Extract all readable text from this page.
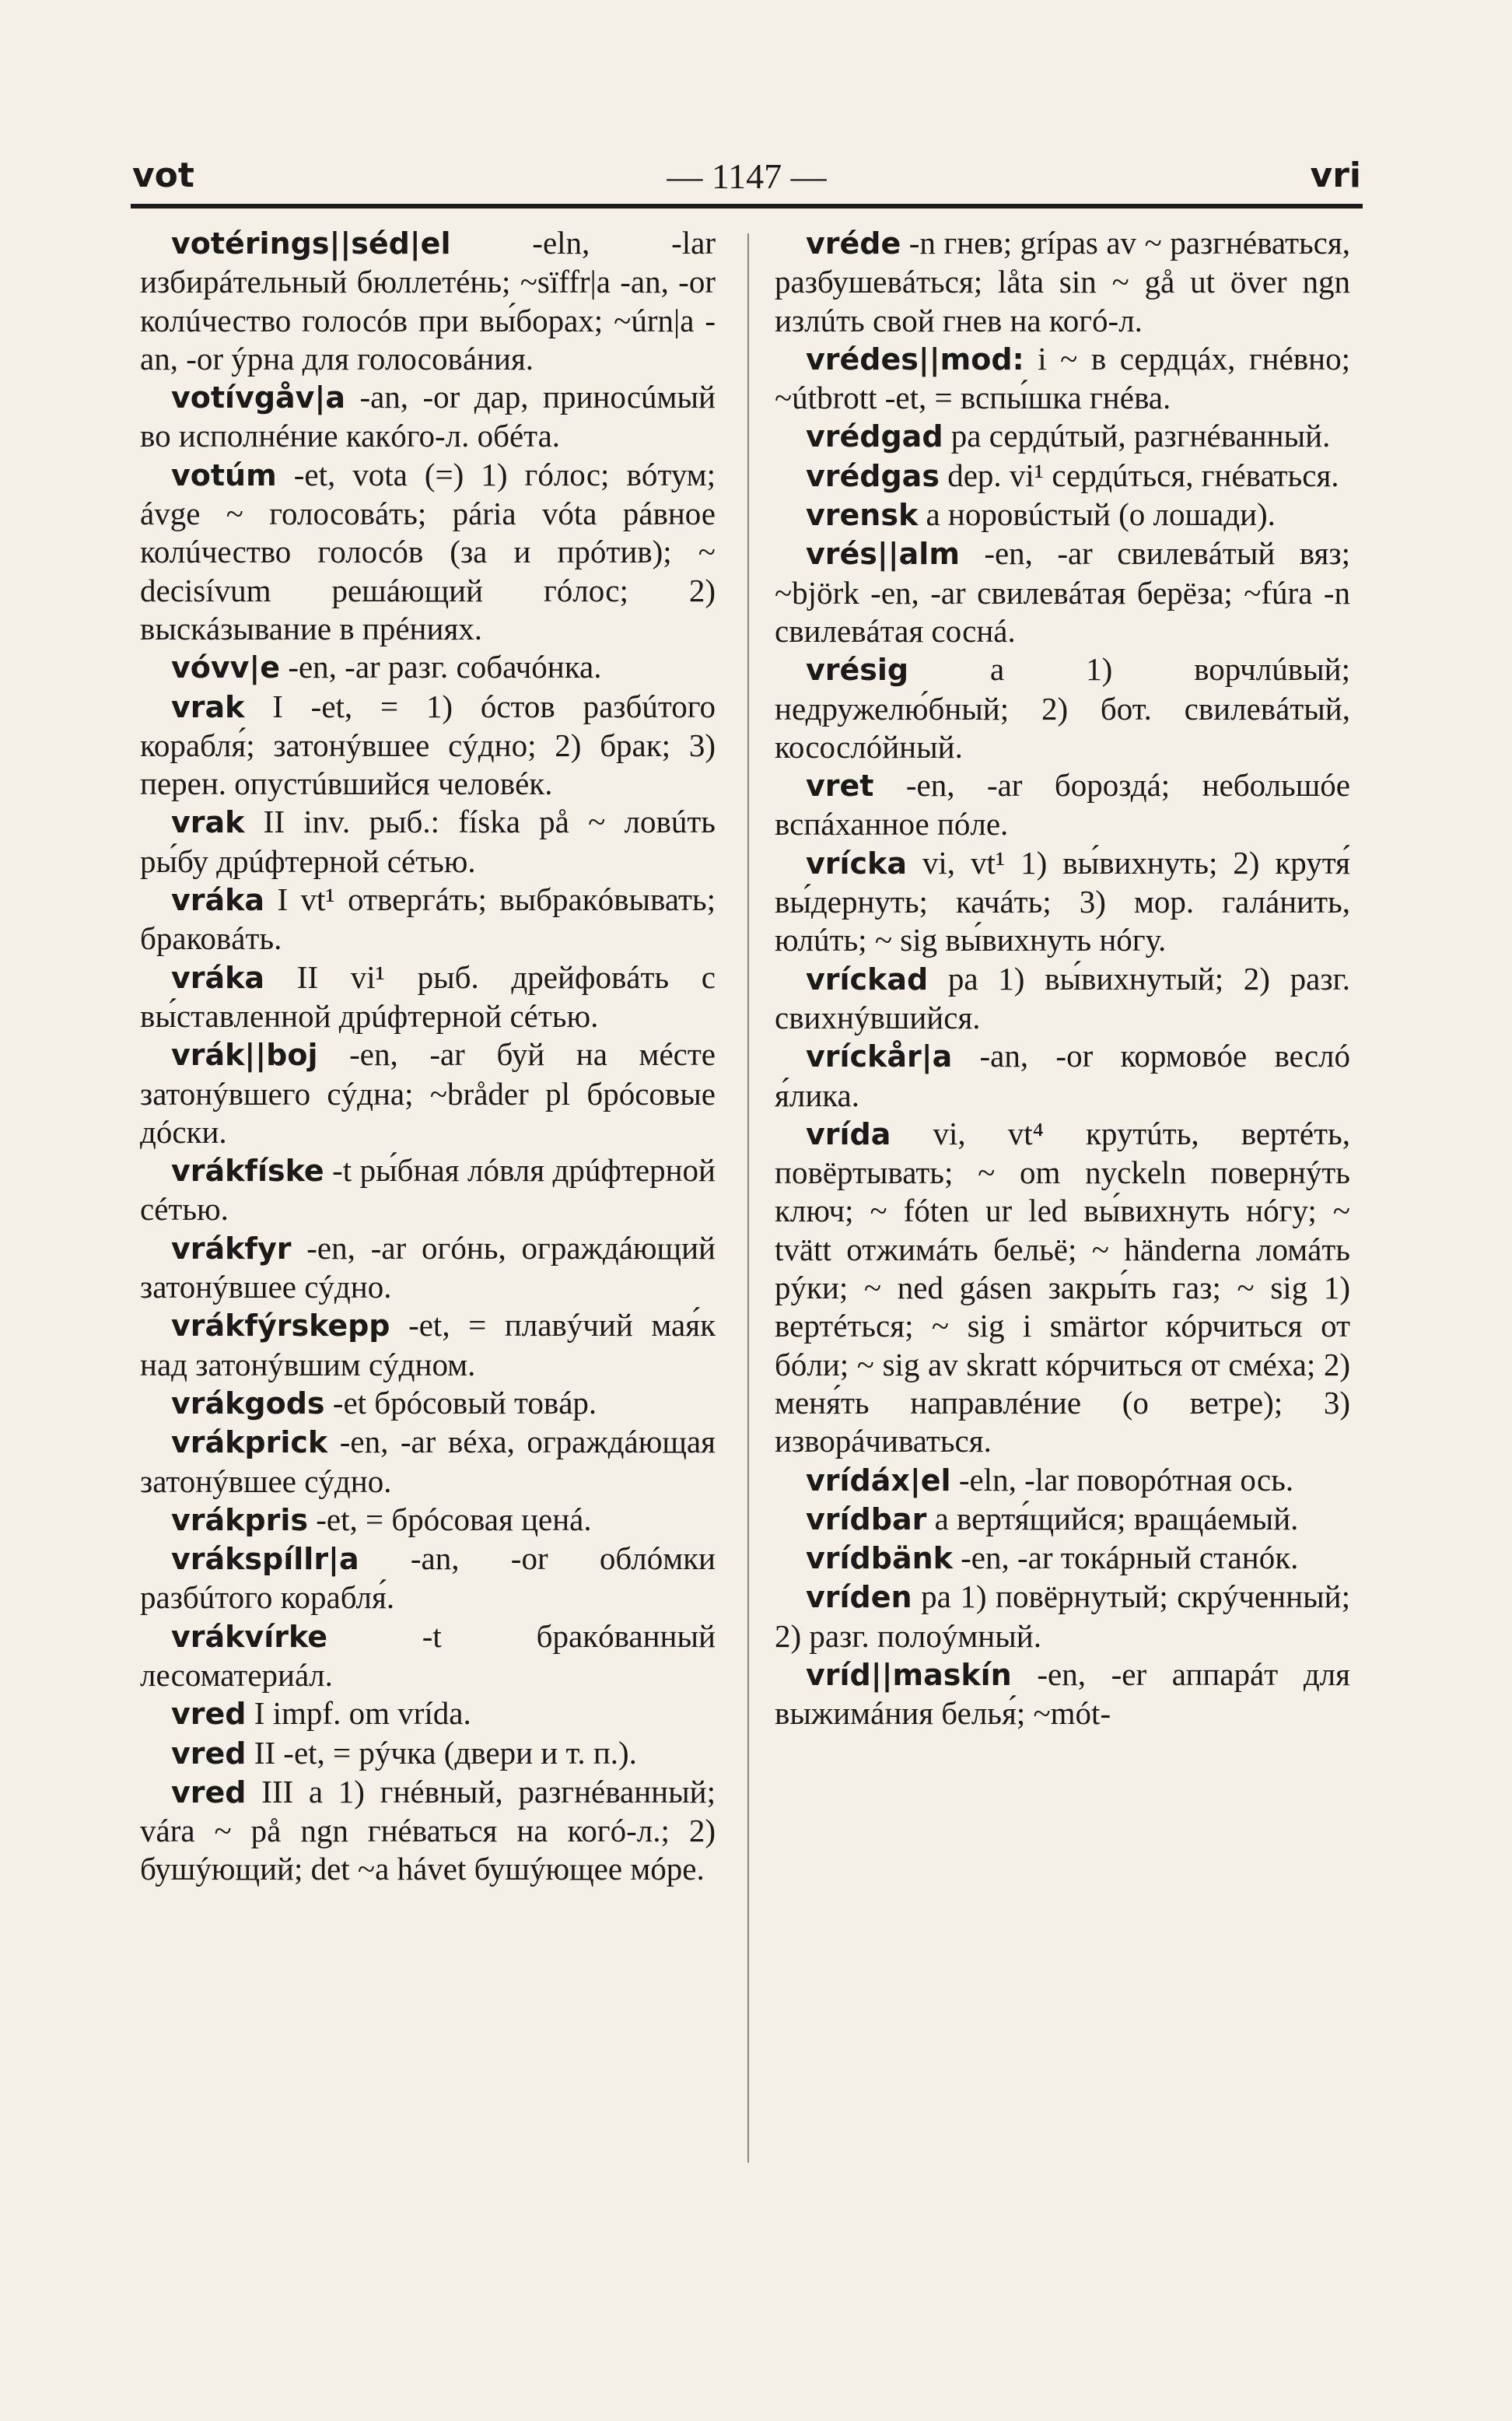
vot	— 1147 —	vri

votérings||séd|el -eln, -lar избирáтельный бюллетéнь; ~sïffr|a -an, -or колúчество голосóв при вы́борах; ~úrn|a -an, -or ýрна для голосовáния.

votívgåv|a -an, -or дар, приносúмый во исполнéние какóго-л. обéта.

votúm -et, vota (=) 1) гóлос; вóтум; ávge ~ голосовáть; pária vóta рáвное колúчество голосóв (за и прóтив); ~ decisívum решáющий гóлос; 2) выскáзывание в прéниях.

vóvv|e -en, -ar разг. собачóнка.

vrak I -et, = 1) óстов разбúтого корабля́; затонýвшее сýдно; 2) брак; 3) перен. опустúвшийся человéк.

vrak II inv. рыб.: físka på ~ ловúть ры́бу дрúфтерной сéтью.

vráka I vt¹ отвергáть; выбракóвывать; браковáть.

vráka II vi¹ рыб. дрейфовáть с вы́ставленной дрúфтерной сéтью.

vrák||boj -en, -ar буй на мéсте затонýвшего сýдна; ~bråder pl брóсовые дóски.

vrákfíske -t ры́бная лóвля дрúфтерной сéтью.

vrákfyr -en, -ar огóнь, ограждáющий затонýвшее сýдно.

vrákfýrskepp -et, = плавýчий мая́к над затонýвшим сýдном.

vrákgods -et брóсовый товáр.

vrákprick -en, -ar вéха, ограждáющая затонýвшее сýдно.

vrákpris -et, = брóсовая ценá.

vrákspíllr|a -an, -or облóмки разбúтого корабля́.

vrákvírke -t бракóванный лесоматериáл.

vred I impf. om vrída.

vred II -et, = рýчка (двери и т. п.).

vred III a 1) гнéвный, разгнéванный; vára ~ på ngn гнéваться на когó-л.; 2) бушýющий; det ~a hávet бушýющее мóре.

vréde -n гнев; grípas av ~ разгнéваться, разбушевáться; låta sin ~ gå ut över ngn излúть свой гнев на когó-л.

vrédes||mod: i ~ в сердцáх, гнéвно; ~útbrott -et, = вспы́шка гнéва.

vrédgad pa сердúтый, разгнéванный.

vrédgas dep. vi¹ сердúться, гнéваться.

vrensk a норовúстый (о лошади).

vrés||alm -en, -ar свилевáтый вяз; ~björk -en, -ar свилевáтая берёза; ~fúra -n свилевáтая соснá.

vrésig a 1) ворчлúвый; недружелю́бный; 2) бот. свилевáтый, косослóйный.

vret -en, -ar бороздá; небольшóе вспáханное пóле.

vrícka vi, vt¹ 1) вы́вихнуть; 2) крутя́ вы́дернуть; качáть; 3) мор. галáнить, юлúть; ~ sig вы́вихнуть нóгу.

vríckad pa 1) вы́вихнутый; 2) разг. свихнýвшийся.

vríckår|a -an, -or кормовóе веслó я́лика.

vrída vi, vt⁴ крутúть, вертéть, повёртывать; ~ om nyckeln повернýть ключ; ~ fóten ur led вы́вихнуть нóгу; ~ tvätt отжимáть бельё; ~ händerna ломáть рýки; ~ ned gásen закры́ть газ; ~ sig 1) вертéться; ~ sig i smärtor кóрчиться от бóли; ~ sig av skratt кóрчиться от смéха; 2) меня́ть направлéние (о ветре); 3) изворáчиваться.

vrídáx|el -eln, -lar поворóтная ось.

vrídbar a вертя́щийся; вращáемый.

vrídbänk -en, -ar токáрный станóк.

vríden pa 1) повёрнутый; скрýченный; 2) разг. полоýмный.

vríd||maskín -en, -er аппарáт для выжимáния белья́; ~mót-
